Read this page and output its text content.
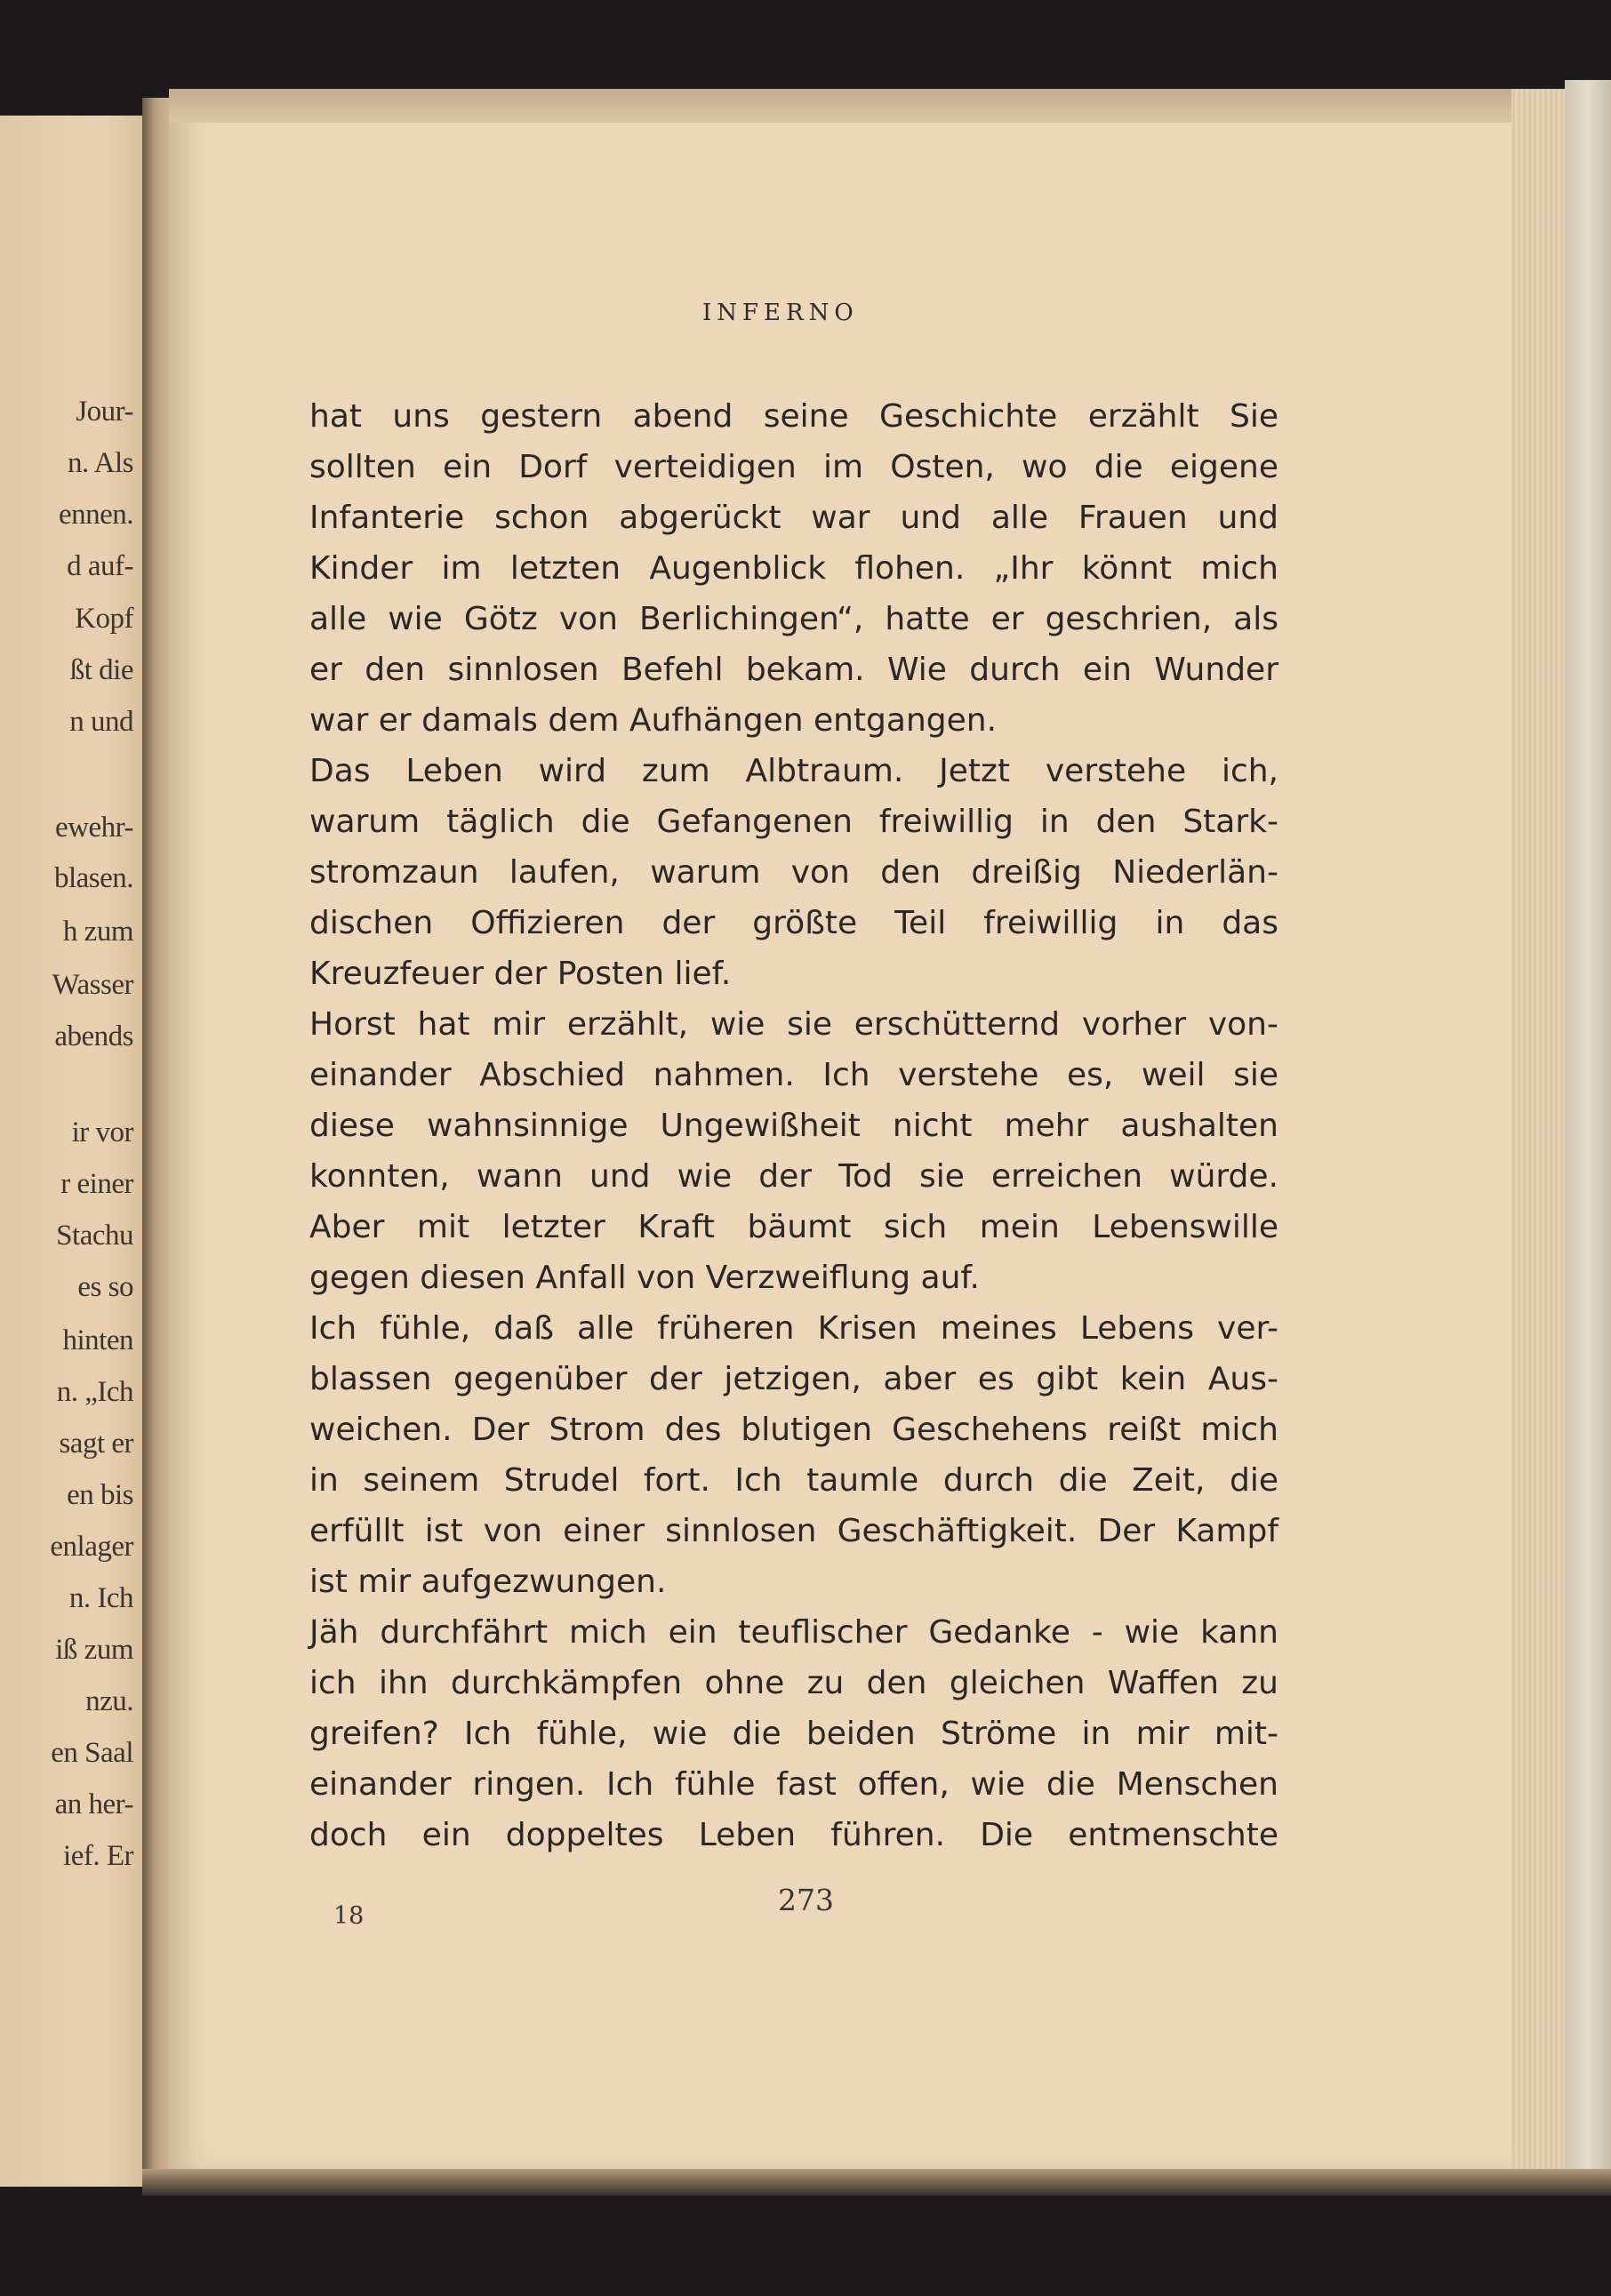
Jour-
n. Als
ennen.
d auf-
Kopf
ßt die
n und
ewehr-
blasen.
h zum
Wasser
abends
ir vor
r einer
Stachu
es so
hinten
n. „Ich
sagt er
en bis
enlager
n. Ich
iß zum
nzu.
en Saal
an her-
ief. Er
INFERNO
hat uns gestern abend seine Geschichte erzählt Sie
sollten ein Dorf verteidigen im Osten, wo die eigene
Infanterie schon abgerückt war und alle Frauen und
Kinder im letzten Augenblick flohen. „Ihr könnt mich
alle wie Götz von Berlichingen“, hatte er geschrien, als
er den sinnlosen Befehl bekam. Wie durch ein Wunder
war er damals dem Aufhängen entgangen.
Das Leben wird zum Albtraum. Jetzt verstehe ich,
warum täglich die Gefangenen freiwillig in den Stark-
stromzaun laufen, warum von den dreißig Niederlän-
dischen Offizieren der größte Teil freiwillig in das
Kreuzfeuer der Posten lief.
Horst hat mir erzählt, wie sie erschütternd vorher von-
einander Abschied nahmen. Ich verstehe es, weil sie
diese wahnsinnige Ungewißheit nicht mehr aushalten
konnten, wann und wie der Tod sie erreichen würde.
Aber mit letzter Kraft bäumt sich mein Lebenswille
gegen diesen Anfall von Verzweiflung auf.
Ich fühle, daß alle früheren Krisen meines Lebens ver-
blassen gegenüber der jetzigen, aber es gibt kein Aus-
weichen. Der Strom des blutigen Geschehens reißt mich
in seinem Strudel fort. Ich taumle durch die Zeit, die
erfüllt ist von einer sinnlosen Geschäftigkeit. Der Kampf
ist mir aufgezwungen.
Jäh durchfährt mich ein teuflischer Gedanke - wie kann
ich ihn durchkämpfen ohne zu den gleichen Waffen zu
greifen? Ich fühle, wie die beiden Ströme in mir mit-
einander ringen. Ich fühle fast offen, wie die Menschen
doch ein doppeltes Leben führen. Die entmenschte
18	273
